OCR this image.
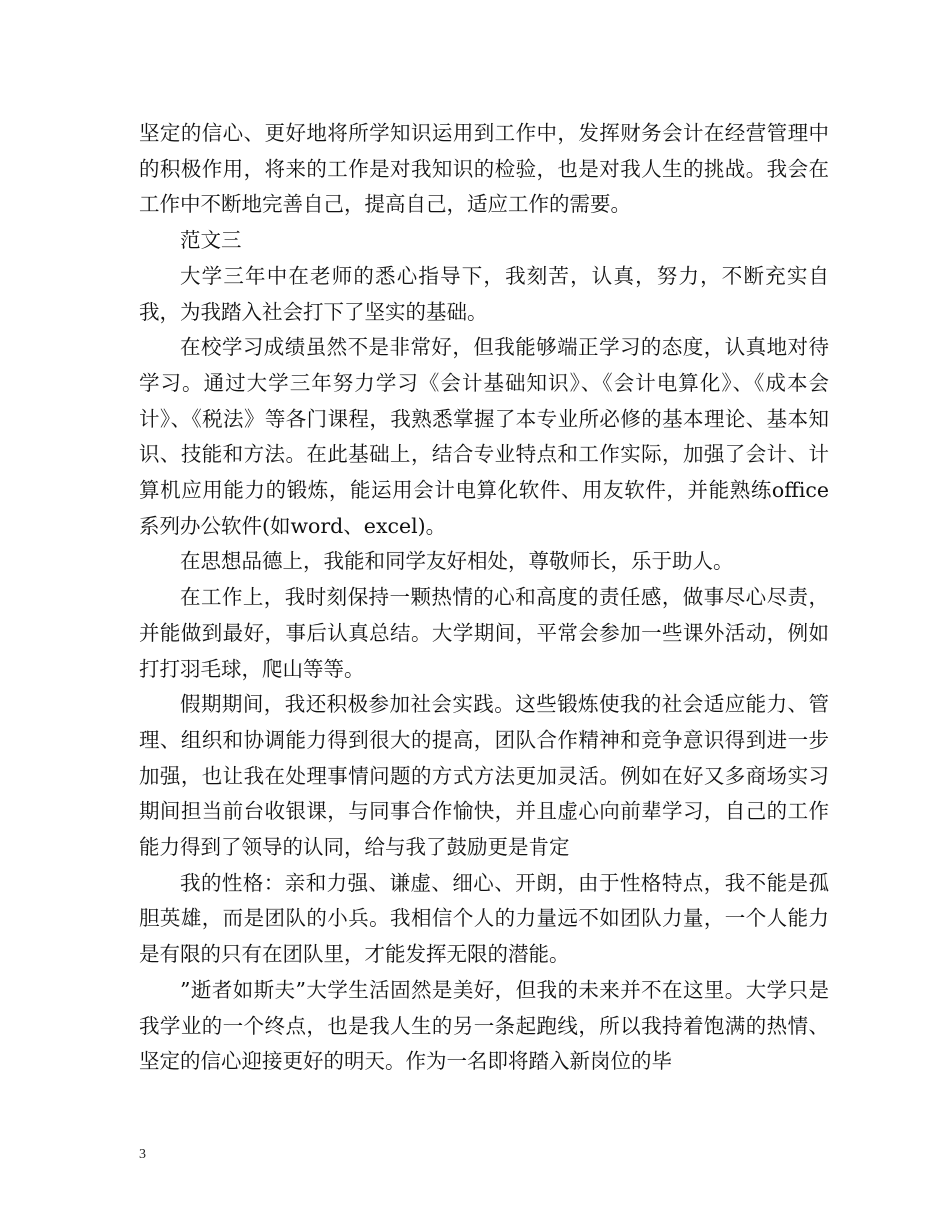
坚定的信心、更好地将所学知识运用到工作中，发挥财务会计在经营管理中的积极作用，将来的工作是对我知识的检验，也是对我人生的挑战。我会在工作中不断地完善自己，提高自己，适应工作的需要。

范文三

大学三年中在老师的悉心指导下，我刻苦，认真，努力，不断充实自我，为我踏入社会打下了坚实的基础。

在校学习成绩虽然不是非常好，但我能够端正学习的态度，认真地对待学习。通过大学三年努力学习《会计基础知识》、《会计电算化》、《成本会计》、《税法》等各门课程，我熟悉掌握了本专业所必修的基本理论、基本知识、技能和方法。在此基础上，结合专业特点和工作实际，加强了会计、计算机应用能力的锻炼，能运用会计电算化软件、用友软件，并能熟练office系列办公软件(如word、excel)。

在思想品德上，我能和同学友好相处，尊敬师长，乐于助人。

在工作上，我时刻保持一颗热情的心和高度的责任感，做事尽心尽责，并能做到最好，事后认真总结。大学期间，平常会参加一些课外活动，例如打打羽毛球，爬山等等。

假期期间，我还积极参加社会实践。这些锻炼使我的社会适应能力、管理、组织和协调能力得到很大的提高，团队合作精神和竞争意识得到进一步加强，也让我在处理事情问题的方式方法更加灵活。例如在好又多商场实习期间担当前台收银课，与同事合作愉快，并且虚心向前辈学习，自己的工作能力得到了领导的认同，给与我了鼓励更是肯定

我的性格：亲和力强、谦虚、细心、开朗，由于性格特点，我不能是孤胆英雄，而是团队的小兵。我相信个人的力量远不如团队力量，一个人能力是有限的只有在团队里，才能发挥无限的潜能。

”逝者如斯夫”大学生活固然是美好，但我的未来并不在这里。大学只是我学业的一个终点，也是我人生的另一条起跑线，所以我持着饱满的热情、坚定的信心迎接更好的明天。作为一名即将踏入新岗位的毕

3
